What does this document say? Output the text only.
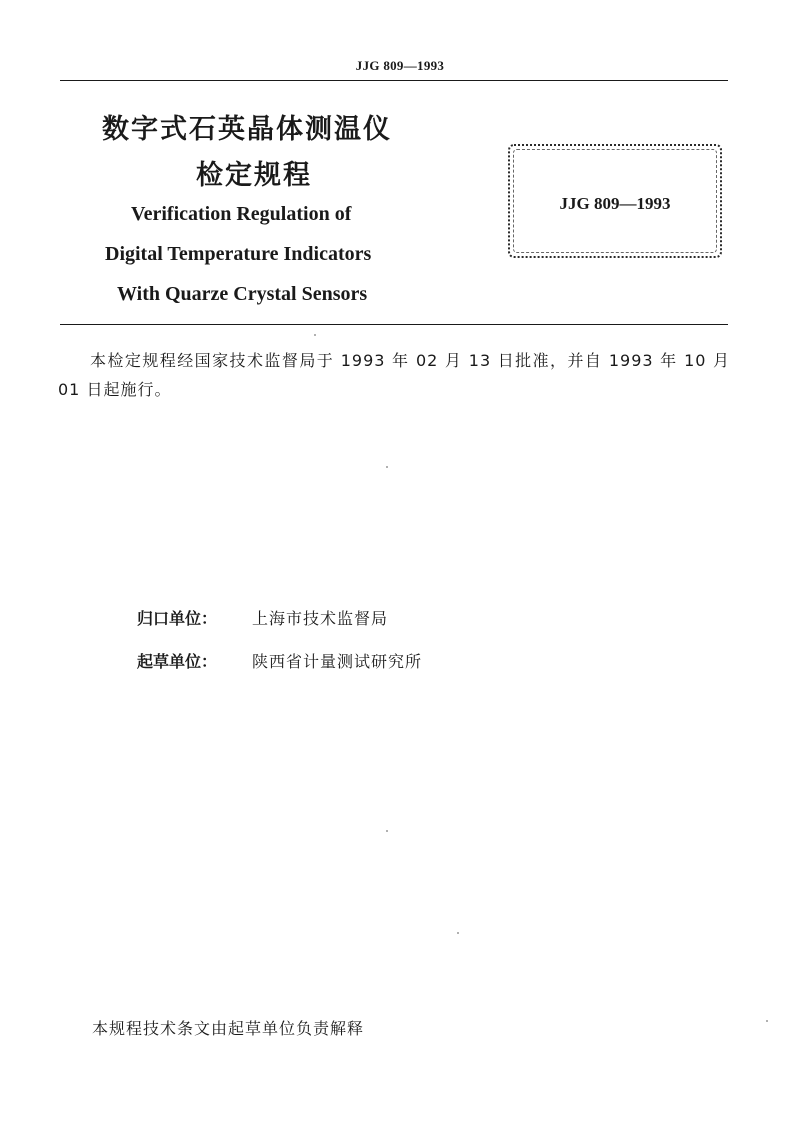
JJG 809—1993
数字式石英晶体测温仪
检定规程
Verification Regulation of
Digital Temperature Indicators
With Quarze Crystal Sensors
JJG 809—1993
本检定规程经国家技术监督局于 1993 年 02 月 13 日批准，并自 1993 年 10 月 01 日起施行。
归口单位： 上海市技术监督局
起草单位： 陕西省计量测试研究所
本规程技术条文由起草单位负责解释
